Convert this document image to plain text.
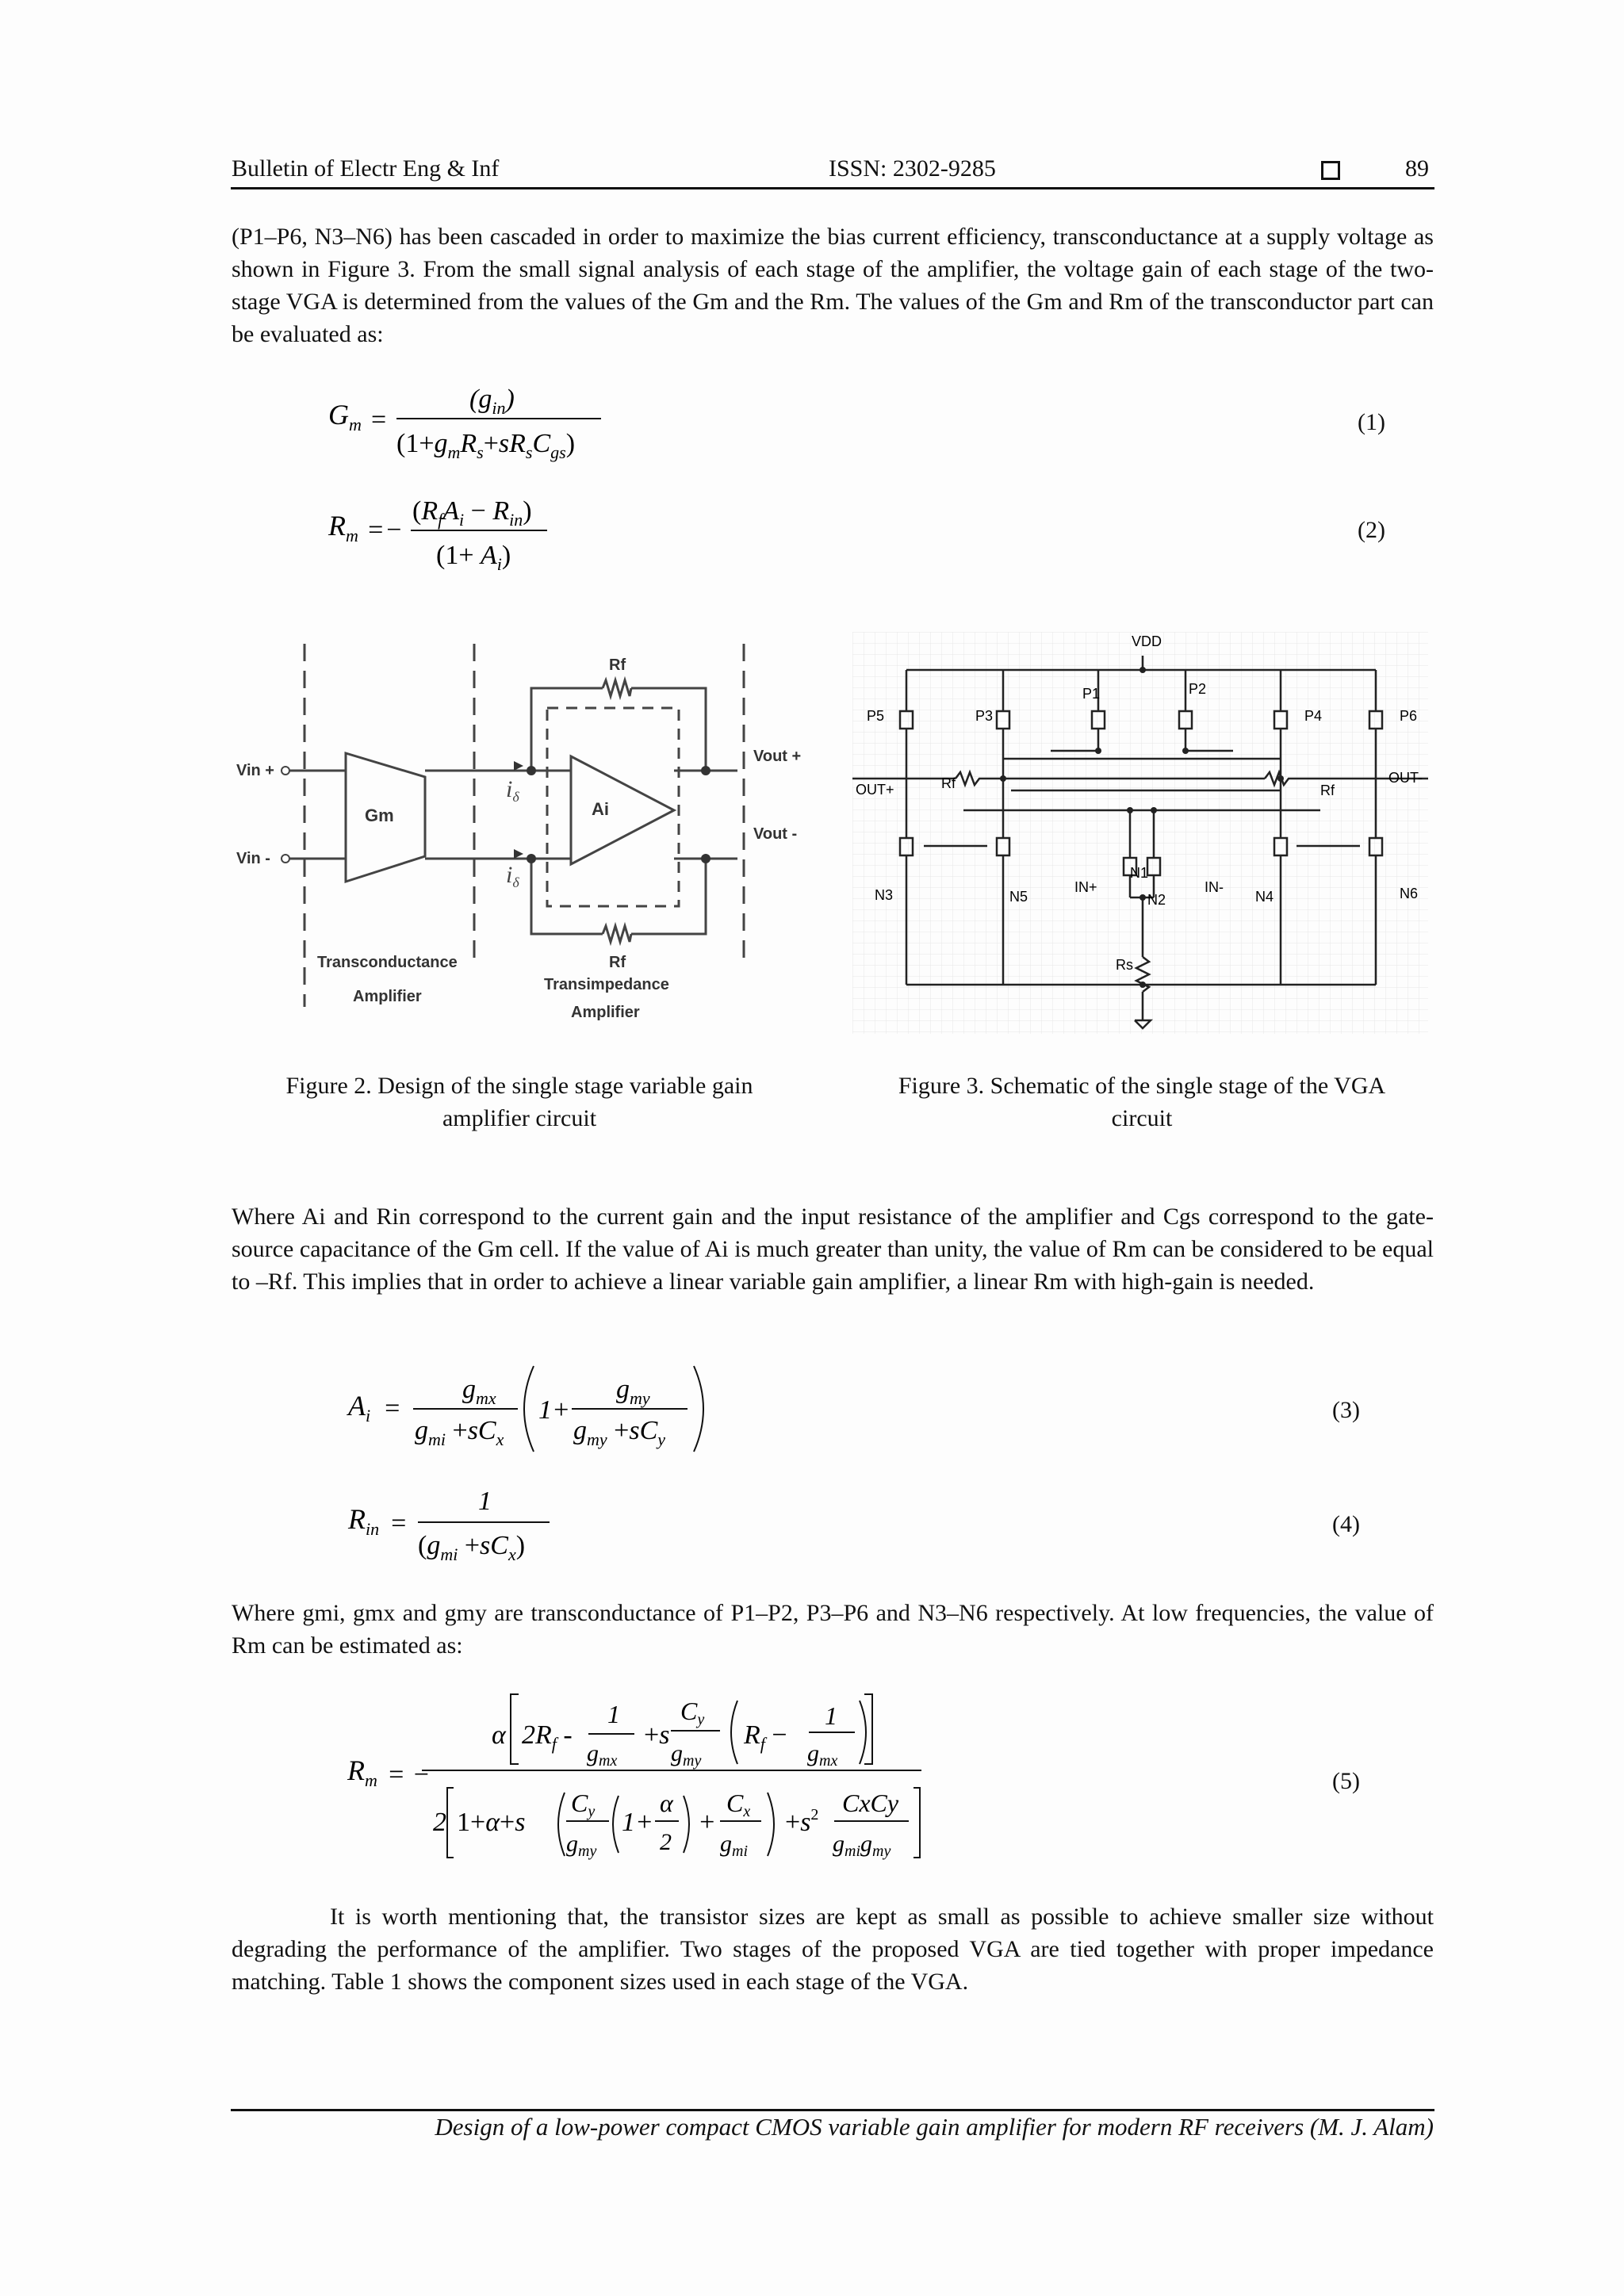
Bulletin of Electr Eng & Inf	ISSN: 2302-9285	89

(P1–P6, N3–N6) has been cascaded in order to maximize the bias current efficiency, transconductance at a supply voltage as shown in Figure 3. From the small signal analysis of each stage of the amplifier, the voltage gain of each stage of the two-stage VGA is determined from the values of the Gm and the Rm. The values of the Gm and Rm of the transconductor part can be evaluated as:

$G_m$ =
$(g_{in})$
$(1+g_mR_s+sR_sC_{gs})$
(1)
$R_m$ =−
$(R_fA_i - R_{in})$
$(1+ A_i)$
(2)
Rf
Rf
Vin +
Vin -
Gm	Ai
$i_\delta$
$i_\delta$
Vout +
Vout -
Transconductance
Amplifier
Transimpedance
Amplifier
VDD
P1	P2
P3	P4
P5	P6
OUT+
OUT-
Rf	Rf
N1
N2
N3	N4
N5	N6
IN+	IN-
Rs
Figure 2. Design of the single stage variable gain
amplifier circuit
Figure 3. Schematic of the single stage of the VGA
circuit

Where Ai and Rin correspond to the current gain and the input resistance of the amplifier and Cgs correspond to the gate-source capacitance of the Gm cell. If the value of Ai is much greater than unity, the value of Rm can be considered to be equal to –Rf. This implies that in order to achieve a linear variable gain amplifier, a linear Rm with high-gain is needed.

$A_i$ =
$g_{mx}$
$g_{mi} +sC_x$
1+
$g_{my}$
$g_{my} +sC_y$
(3)
$R_{in}$ =
1
$(g_{mi} +sC_x)$
(4)

Where gmi, gmx and gmy are transconductance of P1–P2, P3–P6 and N3–N6 respectively. At low frequencies, the value of Rm can be estimated as:

$R_m$ = −
α $2R_f$ -
1
$g_{mx}$
+s
Cy
$g_{my}$
$R_f$ −
1
$g_{mx}$
2 1+α+s
Cy
$g_{my}$
1+
α
2
+
Cx
$g_{mi}$
$+s^2$ CxCy
$g_{mi}g_{my}$
(5)

It is worth mentioning that, the transistor sizes are kept as small as possible to achieve smaller size without degrading the performance of the amplifier. Two stages of the proposed VGA are tied together with proper impedance matching. Table 1 shows the component sizes used in each stage of the VGA.

Design of a low-power compact CMOS variable gain amplifier for modern RF receivers (M. J. Alam)
